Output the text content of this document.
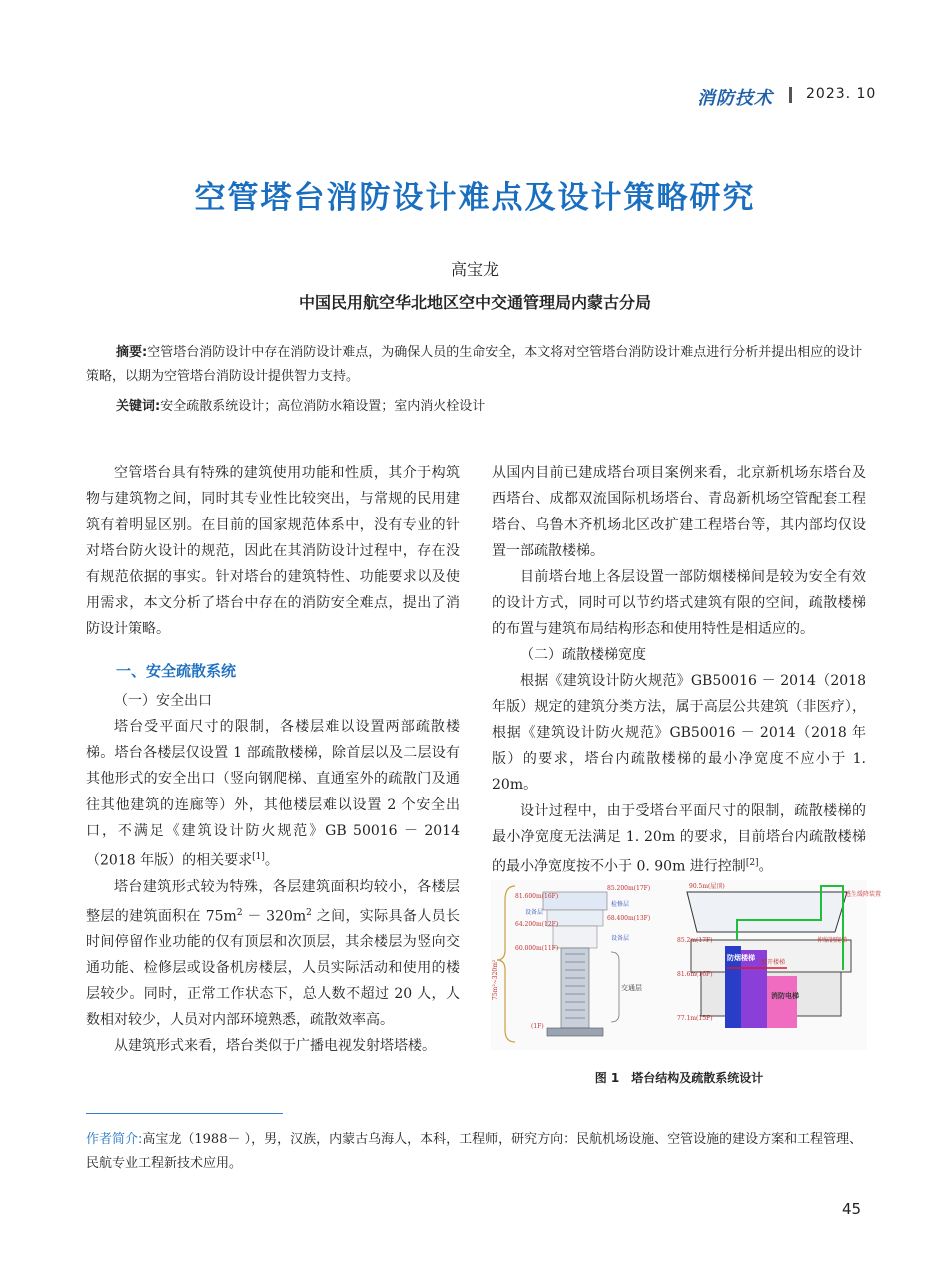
消防技术 2023. 10
空管塔台消防设计难点及设计策略研究
高宝龙
中国民用航空华北地区空中交通管理局内蒙古分局
摘要:空管塔台消防设计中存在消防设计难点，为确保人员的生命安全，本文将对空管塔台消防设计难点进行分析并提出相应的设计策略，以期为空管塔台消防设计提供智力支持。
关键词:安全疏散系统设计；高位消防水箱设置；室内消火栓设计

空管塔台具有特殊的建筑使用功能和性质，其介于构筑物与建筑物之间，同时其专业性比较突出，与常规的民用建筑有着明显区别。在目前的国家规范体系中，没有专业的针对塔台防火设计的规范，因此在其消防设计过程中，存在没有规范依据的事实。针对塔台的建筑特性、功能要求以及使用需求，本文分析了塔台中存在的消防安全难点，提出了消防设计策略。

一、安全疏散系统

（一）安全出口

塔台受平面尺寸的限制，各楼层难以设置两部疏散楼梯。塔台各楼层仅设置 1 部疏散楼梯，除首层以及二层设有其他形式的安全出口（竖向钢爬梯、直通室外的疏散门及通往其他建筑的连廊等）外，其他楼层难以设置 2 个安全出口，不满足《建筑设计防火规范》GB 50016 － 2014（2018 年版）的相关要求[1]。

塔台建筑形式较为特殊，各层建筑面积均较小，各楼层整层的建筑面积在 $75m^2 - 320m^2$ 之间，实际具备人员长时间停留作业功能的仅有顶层和次顶层，其余楼层为竖向交通功能、检修层或设备机房楼层，人员实际活动和使用的楼层较少。同时，正常工作状态下，总人数不超过 20 人，人数相对较少，人员对内部环境熟悉，疏散效率高。

从建筑形式来看，塔台类似于广播电视发射塔塔楼。

从国内目前已建成塔台项目案例来看，北京新机场东塔台及西塔台、成都双流国际机场塔台、青岛新机场空管配套工程塔台、乌鲁木齐机场北区改扩建工程塔台等，其内部均仅设置一部疏散楼梯。

目前塔台地上各层设置一部防烟楼梯间是较为安全有效的设计方式，同时可以节约塔式建筑有限的空间，疏散楼梯的布置与建筑布局结构形态和使用特性是相适应的。

（二）疏散楼梯宽度

根据《建筑设计防火规范》GB50016 － 2014（2018 年版）规定的建筑分类方法，属于高层公共建筑（非医疗），根据《建筑设计防火规范》GB50016 － 2014（2018 年版）的要求，塔台内疏散楼梯的最小净宽度不应小于 1. 20m。

设计过程中，由于受塔台平面尺寸的限制，疏散楼梯的最小净宽度无法满足 1. 20m 的要求，目前塔台内疏散楼梯的最小净宽度按不小于 0. 90m 进行控制[2]。

75m²~320m²	交通层
81.600m(16F)
设备层
64.200m(12F)
60.000m(11F)
(1F)
85.200m(17F)
检修层
68.400m(13F)
设备层
90.5m(屋顶)
85.2m(17F)
81.6m(16F)
77.1m(15F)
逃生缓降装置
伸缩钢爬梯
敞开楼梯
防烟楼梯
消防电梯
图 1　塔台结构及疏散系统设计
作者简介:高宝龙（1988－ ），男，汉族，内蒙古乌海人，本科，工程师，研究方向：民航机场设施、空管设施的建设方案和工程管理、民航专业工程新技术应用。
45
